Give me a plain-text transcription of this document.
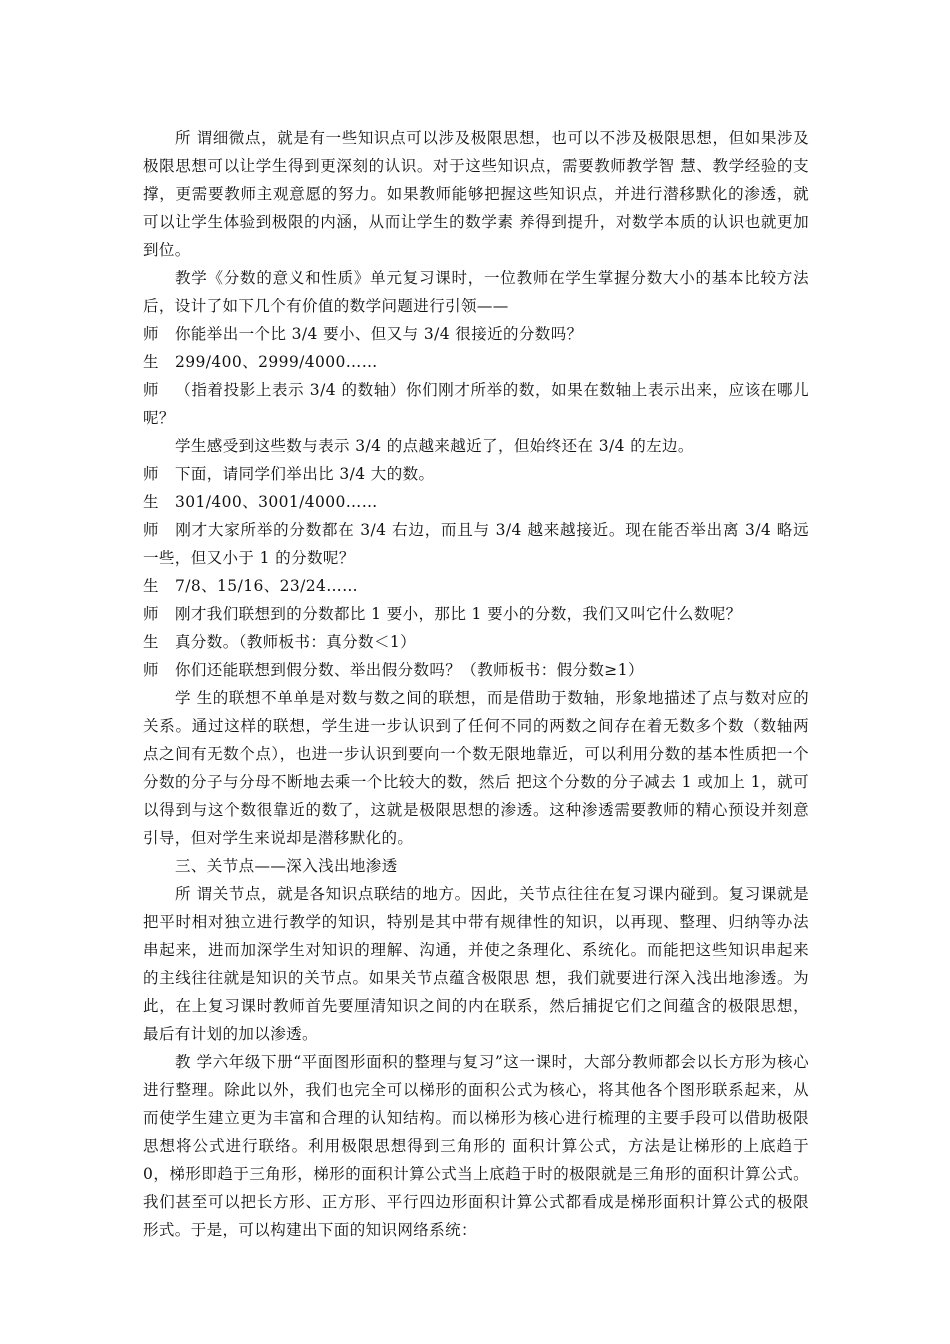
所 谓细微点，就是有一些知识点可以涉及极限思想，也可以不涉及极限思想，但如果涉及极限思想可以让学生得到更深刻的认识。对于这些知识点，需要教师教学智 慧、教学经验的支撑，更需要教师主观意愿的努力。如果教师能够把握这些知识点，并进行潜移默化的渗透，就可以让学生体验到极限的内涵，从而让学生的数学素 养得到提升，对数学本质的认识也就更加到位。

教学《分数的意义和性质》单元复习课时，一位教师在学生掌握分数大小的基本比较方法后，设计了如下几个有价值的数学问题进行引领——

师 你能举出一个比 3/4 要小、但又与 3/4 很接近的分数吗？

生 299/400、2999/4000……

师 （指着投影上表示 3/4 的数轴）你们刚才所举的数，如果在数轴上表示出来，应该在哪儿呢？

学生感受到这些数与表示 3/4 的点越来越近了，但始终还在 3/4 的左边。

师 下面，请同学们举出比 3/4 大的数。

生 301/400、3001/4000……

师 刚才大家所举的分数都在 3/4 右边，而且与 3/4 越来越接近。现在能否举出离 3/4 略远一些，但又小于 1 的分数呢？

生 7/8、15/16、23/24……

师 刚才我们联想到的分数都比 1 要小，那比 1 要小的分数，我们又叫它什么数呢？

生 真分数。（教师板书：真分数＜1）

师 你们还能联想到假分数、举出假分数吗？（教师板书：假分数≥1）

学 生的联想不单单是对数与数之间的联想，而是借助于数轴，形象地描述了点与数对应的关系。通过这样的联想，学生进一步认识到了任何不同的两数之间存在着无数多个数（数轴两点之间有无数个点），也进一步认识到要向一个数无限地靠近，可以利用分数的基本性质把一个分数的分子与分母不断地去乘一个比较大的数，然后 把这个分数的分子减去 1 或加上 1，就可以得到与这个数很靠近的数了，这就是极限思想的渗透。这种渗透需要教师的精心预设并刻意引导，但对学生来说却是潜移默化的。

三、关节点——深入浅出地渗透

所 谓关节点，就是各知识点联结的地方。因此，关节点往往在复习课内碰到。复习课就是把平时相对独立进行教学的知识，特别是其中带有规律性的知识，以再现、整理、归纳等办法串起来，进而加深学生对知识的理解、沟通，并使之条理化、系统化。而能把这些知识串起来的主线往往就是知识的关节点。如果关节点蕴含极限思 想，我们就要进行深入浅出地渗透。为此，在上复习课时教师首先要厘清知识之间的内在联系，然后捕捉它们之间蕴含的极限思想，最后有计划的加以渗透。

教 学六年级下册“平面图形面积的整理与复习”这一课时，大部分教师都会以长方形为核心进行整理。除此以外，我们也完全可以梯形的面积公式为核心，将其他各个图形联系起来，从而使学生建立更为丰富和合理的认知结构。而以梯形为核心进行梳理的主要手段可以借助极限思想将公式进行联络。利用极限思想得到三角形的 面积计算公式，方法是让梯形的上底趋于 0，梯形即趋于三角形，梯形的面积计算公式当上底趋于时的极限就是三角形的面积计算公式。我们甚至可以把长方形、正方形、平行四边形面积计算公式都看成是梯形面积计算公式的极限形式。于是，可以构建出下面的知识网络系统：
